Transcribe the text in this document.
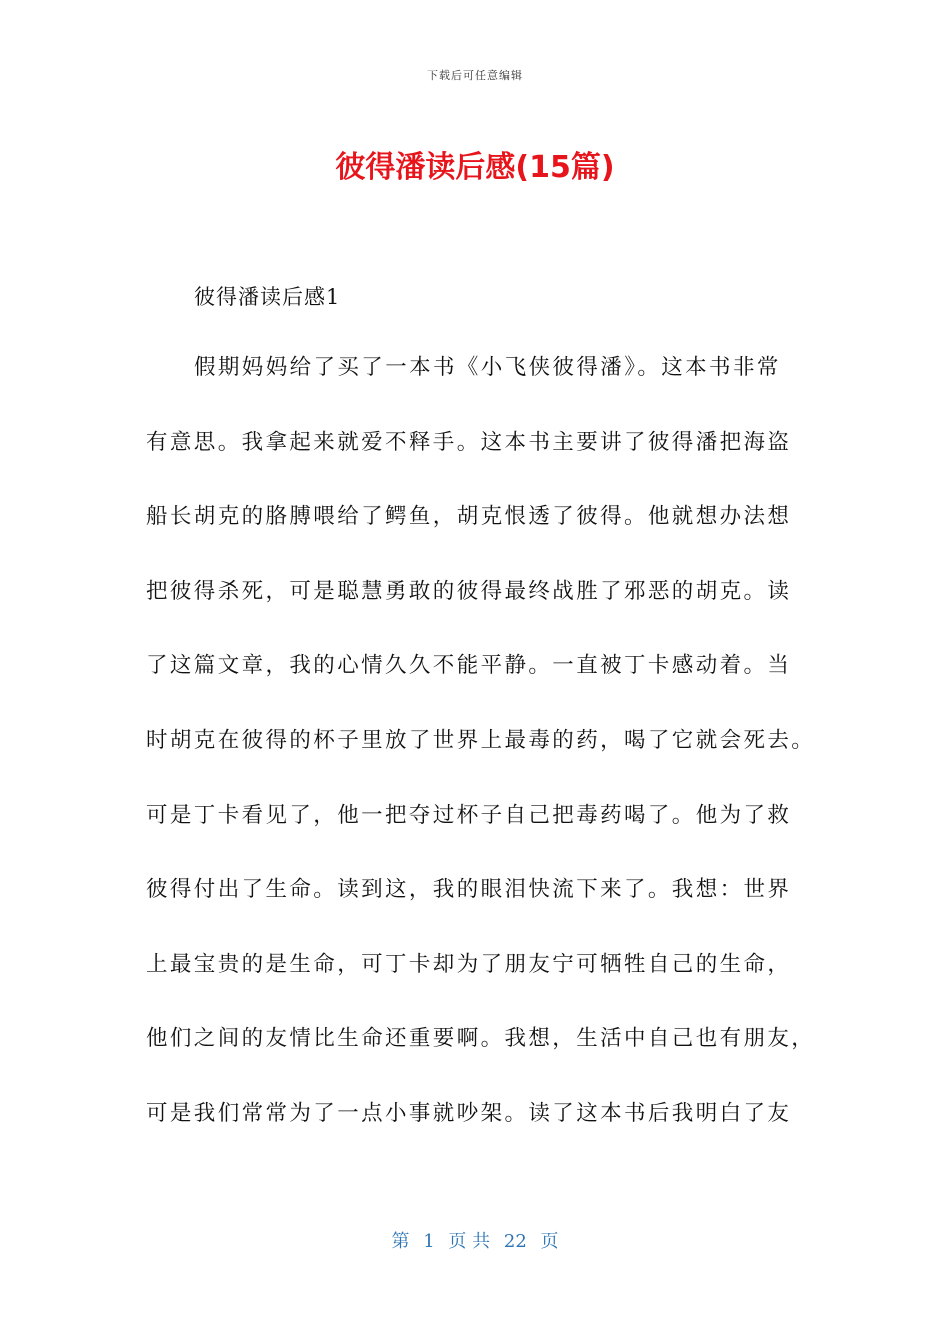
下载后可任意编辑
彼得潘读后感(15篇)
彼得潘读后感1
假期妈妈给了买了一本书《小飞侠彼得潘》。这本书非常
有意思。我拿起来就爱不释手。这本书主要讲了彼得潘把海盗
船长胡克的胳膊喂给了鳄鱼，胡克恨透了彼得。他就想办法想
把彼得杀死，可是聪慧勇敢的彼得最终战胜了邪恶的胡克。读
了这篇文章，我的心情久久不能平静。一直被丁卡感动着。当
时胡克在彼得的杯子里放了世界上最毒的药，喝了它就会死去。
可是丁卡看见了，他一把夺过杯子自己把毒药喝了。他为了救
彼得付出了生命。读到这，我的眼泪快流下来了。我想：世界
上最宝贵的是生命，可丁卡却为了朋友宁可牺牲自己的生命，
他们之间的友情比生命还重要啊。我想，生活中自己也有朋友，
可是我们常常为了一点小事就吵架。读了这本书后我明白了友
第 1 页 共 22 页
